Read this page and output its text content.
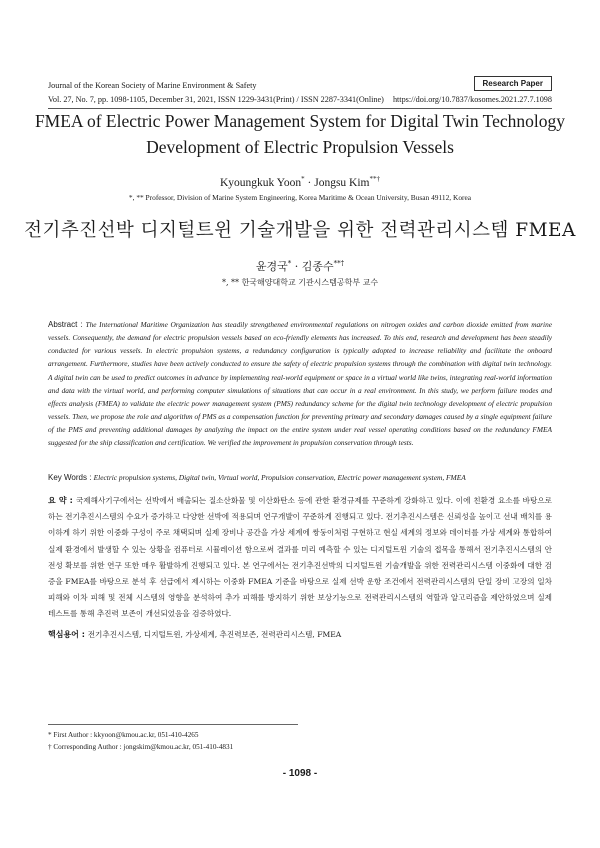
Journal of the Korean Society of Marine Environment & Safety	Research Paper
Vol. 27, No. 7, pp. 1098-1105, December 31, 2021, ISSN 1229-3431(Print) / ISSN 2287-3341(Online) https://doi.org/10.7837/kosomes.2021.27.7.1098
FMEA of Electric Power Management System for Digital Twin Technology
Development of Electric Propulsion Vessels
Kyoungkuk Yoon* · Jongsu Kim**†
*, ** Professor, Division of Marine System Engineering, Korea Maritime & Ocean University, Busan 49112, Korea
전기추진선박 디지털트윈 기술개발을 위한 전력관리시스템 FMEA
윤경국* · 김종수**†
*, ** 한국해양대학교 기관시스템공학부 교수
Abstract : The International Maritime Organization has steadily strengthened environmental regulations on nitrogen oxides and carbon dioxide emitted from marine vessels. Consequently, the demand for electric propulsion vessels based on eco-friendly elements has increased. To this end, research and development has been steadily conducted for various vessels. In electric propulsion systems, a redundancy configuration is typically adopted to increase reliability and facilitate the onboard arrangement. Furthermore, studies have been actively conducted to ensure the safety of electric propulsion systems through the combination with digital twin technology. A digital twin can be used to predict outcomes in advance by implementing real-world equipment or space in a virtual world like twins, integrating real-world information and data with the virtual world, and performing computer simulations of situations that can occur in a real environment. In this study, we perform failure modes and effects analysis (FMEA) to validate the electric power management system (PMS) redundancy scheme for the digital twin technology development of electric propulsion vessels. Then, we propose the role and algorithm of PMS as a compensation function for preventing primary and secondary damages caused by a single equipment failure of the PMS and preventing additional damages by analyzing the impact on the entire system under real vessel operating conditions based on the redundancy FMEA suggested for the ship classification and certification. We verified the improvement in propulsion conservation through tests.
Key Words : Electric propulsion systems, Digital twin, Virtual world, Propulsion conservation, Electric power management system, FMEA
요 약 : 국제해사기구에서는 선박에서 배출되는 질소산화물 및 이산화탄소 등에 관한 환경규제를 꾸준하게 강화하고 있다. 이에 친환경 요소를 바탕으로 하는 전기추진시스템의 수요가 증가하고 다양한 선박에 적용되며 연구개발이 꾸준하게 진행되고 있다. 전기추진시스템은 신뢰성을 높이고 선내 배치를 용이하게 하기 위한 이중화 구성이 주로 채택되며 실제 장비나 공간을 가상 세계에 쌍둥이처럼 구현하고 현실 세계의 정보와 데이터를 가상 세계와 통합하여 실제 환경에서 발생할 수 있는 상황을 컴퓨터로 시뮬레이션 함으로써 결과를 미리 예측할 수 있는 디지털트윈 기술의 접목을 통해서 전기추진시스템의 안전성 확보를 위한 연구 또한 매우 활발하게 진행되고 있다. 본 연구에서는 전기추진선박의 디지털트윈 기술개발을 위한 전력관리시스템 이중화에 대한 검증을 FMEA를 바탕으로 분석 후 선급에서 제시하는 이중화 FMEA 기준을 바탕으로 실제 선박 운항 조건에서 전력관리시스템의 단일 장비 고장의 일차 피해와 이차 피해 및 전체 시스템의 영향을 분석하여 추가 피해를 방지하기 위한 보상기능으로 전력관리시스템의 역할과 알고리즘을 제안하였으며 실제 테스트를 통해 추진력 보존이 개선되었음을 검증하였다.
핵심용어 : 전기추진시스템, 디지털트윈, 가상세계, 추진력보존, 전력관리시스템, FMEA
* First Author : kkyoon@kmou.ac.kr, 051-410-4265
† Corresponding Author : jongskim@kmou.ac.kr, 051-410-4831
- 1098 -
